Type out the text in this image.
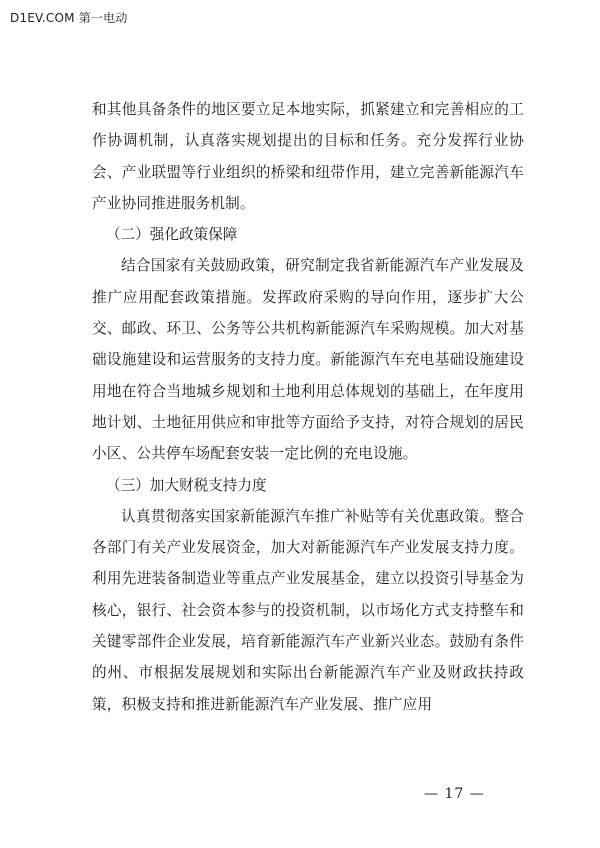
D1EV.COM 第一电动

和其他具备条件的地区要立足本地实际，抓紧建立和完善相应的工作协调机制，认真落实规划提出的目标和任务。充分发挥行业协会、产业联盟等行业组织的桥梁和纽带作用，建立完善新能源汽车产业协同推进服务机制。

（二）强化政策保障

结合国家有关鼓励政策，研究制定我省新能源汽车产业发展及推广应用配套政策措施。发挥政府采购的导向作用，逐步扩大公交、邮政、环卫、公务等公共机构新能源汽车采购规模。加大对基础设施建设和运营服务的支持力度。新能源汽车充电基础设施建设用地在符合当地城乡规划和土地利用总体规划的基础上，在年度用地计划、土地征用供应和审批等方面给予支持，对符合规划的居民小区、公共停车场配套安装一定比例的充电设施。

（三）加大财税支持力度

认真贯彻落实国家新能源汽车推广补贴等有关优惠政策。整合各部门有关产业发展资金，加大对新能源汽车产业发展支持力度。利用先进装备制造业等重点产业发展基金，建立以投资引导基金为核心，银行、社会资本参与的投资机制，以市场化方式支持整车和关键零部件企业发展，培育新能源汽车产业新兴业态。鼓励有条件的州、市根据发展规划和实际出台新能源汽车产业及财政扶持政策，积极支持和推进新能源汽车产业发展、推广应用

— 17 —
